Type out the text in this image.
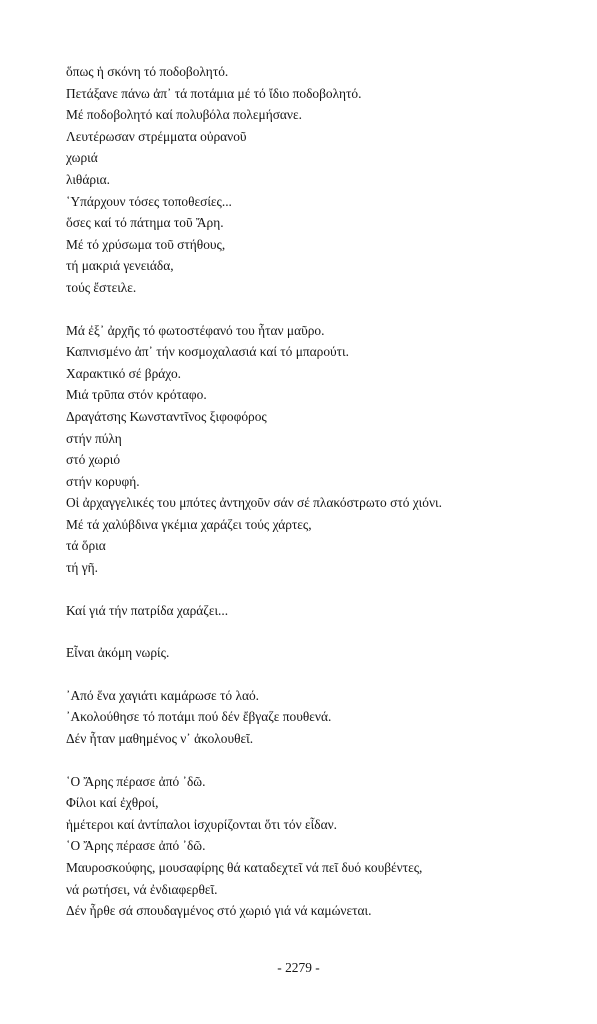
ὅπως ἡ σκόνη τό ποδοβολητό.
Πετάξανε πάνω ἀπ᾽ τά ποτάμια μέ τό ἴδιο ποδοβολητό.
Μέ ποδοβολητό καί πολυβόλα πολεμήσανε.
Λευτέρωσαν στρέμματα οὐρανοῦ
χωριά
λιθάρια.
῾Υπάρχουν τόσες τοποθεσίες...
ὅσες καί τό πάτημα τοῦ Ἄρη.
Μέ τό χρύσωμα τοῦ στήθους,
τή μακριά γενειάδα,
τούς ἔστειλε.
Μά ἐξ᾽ ἀρχῆς τό φωτοστέφανό του ἦταν μαῦρο.
Καπνισμένο ἀπ᾽ τήν κοσμοχαλασιά καί τό μπαρούτι.
Χαρακτικό σέ βράχο.
Μιά τρῦπα στόν κρόταφο.
Δραγάτσης Κωνσταντῖνος ξιφοφόρος
στήν πύλη
στό χωριό
στήν κορυφή.
Οἱ ἀρχαγγελικές του μπότες ἀντηχοῦν σάν σέ πλακόστρωτο στό χιόνι.
Μέ τά χαλύβδινα γκέμια χαράζει τούς χάρτες,
τά ὅρια
τή γῆ.
Καί γιά τήν πατρίδα χαράζει...
Εἶναι ἀκόμη νωρίς.
᾽Από ἕνα χαγιάτι καμάρωσε τό λαό.
᾽Ακολούθησε τό ποτάμι πού δέν ἔβγαζε πουθενά.
Δέν ἦταν μαθημένος ν᾽ ἀκολουθεῖ.
῾Ο Ἄρης πέρασε ἀπό ᾽δῶ.
Φίλοι καί ἐχθροί,
ἡμέτεροι καί ἀντίπαλοι ἰσχυρίζονται ὅτι τόν εἶδαν.
῾Ο Ἄρης πέρασε ἀπό ᾽δῶ.
Μαυροσκούφης, μουσαφίρης θά καταδεχτεῖ νά πεῖ δυό κουβέντες,
νά ρωτήσει, νά ἐνδιαφερθεῖ.
Δέν ἦρθε σά σπουδαγμένος στό χωριό γιά νά καμώνεται.
- 2279 -
